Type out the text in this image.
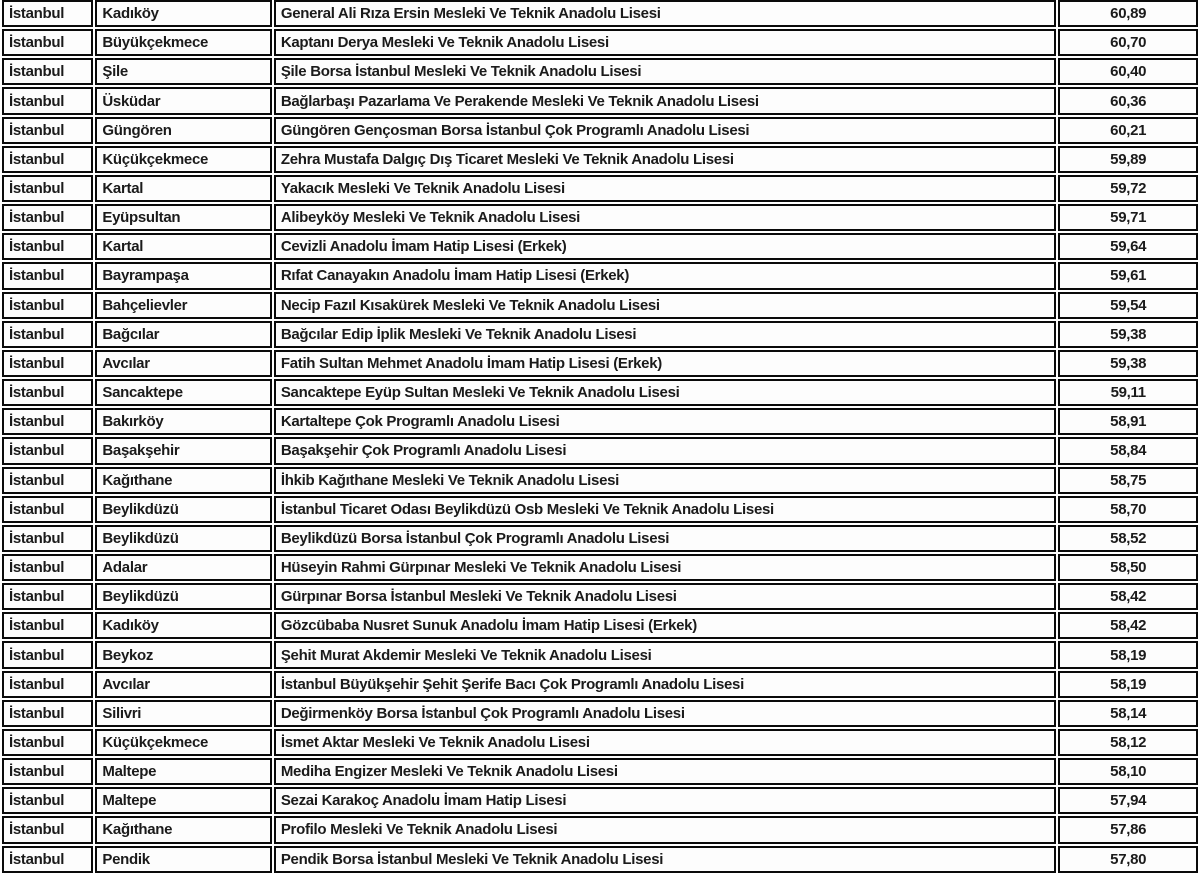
İstanbul	Kadıköy	General Ali Rıza Ersin Mesleki Ve Teknik Anadolu Lisesi	60,89
İstanbul	Büyükçekmece	Kaptanı Derya Mesleki Ve Teknik Anadolu Lisesi	60,70
İstanbul	Şile	Şile Borsa İstanbul Mesleki Ve Teknik Anadolu Lisesi	60,40
İstanbul	Üsküdar	Bağlarbaşı Pazarlama Ve Perakende Mesleki Ve Teknik Anadolu Lisesi	60,36
İstanbul	Güngören	Güngören Gençosman Borsa İstanbul Çok Programlı Anadolu Lisesi	60,21
İstanbul	Küçükçekmece	Zehra Mustafa Dalgıç Dış Ticaret Mesleki Ve Teknik Anadolu Lisesi	59,89
İstanbul	Kartal	Yakacık Mesleki Ve Teknik Anadolu Lisesi	59,72
İstanbul	Eyüpsultan	Alibeyköy Mesleki Ve Teknik Anadolu Lisesi	59,71
İstanbul	Kartal	Cevizli Anadolu İmam Hatip Lisesi (Erkek)	59,64
İstanbul	Bayrampaşa	Rıfat Canayakın Anadolu İmam Hatip Lisesi (Erkek)	59,61
İstanbul	Bahçelievler	Necip Fazıl Kısakürek Mesleki Ve Teknik Anadolu Lisesi	59,54
İstanbul	Bağcılar	Bağcılar Edip İplik Mesleki Ve Teknik Anadolu Lisesi	59,38
İstanbul	Avcılar	Fatih Sultan Mehmet Anadolu İmam Hatip Lisesi (Erkek)	59,38
İstanbul	Sancaktepe	Sancaktepe Eyüp Sultan Mesleki Ve Teknik Anadolu Lisesi	59,11
İstanbul	Bakırköy	Kartaltepe Çok Programlı Anadolu Lisesi	58,91
İstanbul	Başakşehir	Başakşehir Çok Programlı Anadolu Lisesi	58,84
İstanbul	Kağıthane	İhkib Kağıthane Mesleki Ve Teknik Anadolu Lisesi	58,75
İstanbul	Beylikdüzü	İstanbul Ticaret Odası Beylikdüzü Osb Mesleki Ve Teknik Anadolu Lisesi	58,70
İstanbul	Beylikdüzü	Beylikdüzü Borsa İstanbul Çok Programlı Anadolu Lisesi	58,52
İstanbul	Adalar	Hüseyin Rahmi Gürpınar Mesleki Ve Teknik Anadolu Lisesi	58,50
İstanbul	Beylikdüzü	Gürpınar Borsa İstanbul Mesleki Ve Teknik Anadolu Lisesi	58,42
İstanbul	Kadıköy	Gözcübaba Nusret Sunuk Anadolu İmam Hatip Lisesi (Erkek)	58,42
İstanbul	Beykoz	Şehit Murat Akdemir Mesleki Ve Teknik Anadolu Lisesi	58,19
İstanbul	Avcılar	İstanbul Büyükşehir Şehit Şerife Bacı Çok Programlı Anadolu Lisesi	58,19
İstanbul	Silivri	Değirmenköy Borsa İstanbul Çok Programlı Anadolu Lisesi	58,14
İstanbul	Küçükçekmece	İsmet Aktar Mesleki Ve Teknik Anadolu Lisesi	58,12
İstanbul	Maltepe	Mediha Engizer Mesleki Ve Teknik Anadolu Lisesi	58,10
İstanbul	Maltepe	Sezai Karakoç Anadolu İmam Hatip Lisesi	57,94
İstanbul	Kağıthane	Profilo Mesleki Ve Teknik Anadolu Lisesi	57,86
İstanbul	Pendik	Pendik Borsa İstanbul Mesleki Ve Teknik Anadolu Lisesi	57,80
